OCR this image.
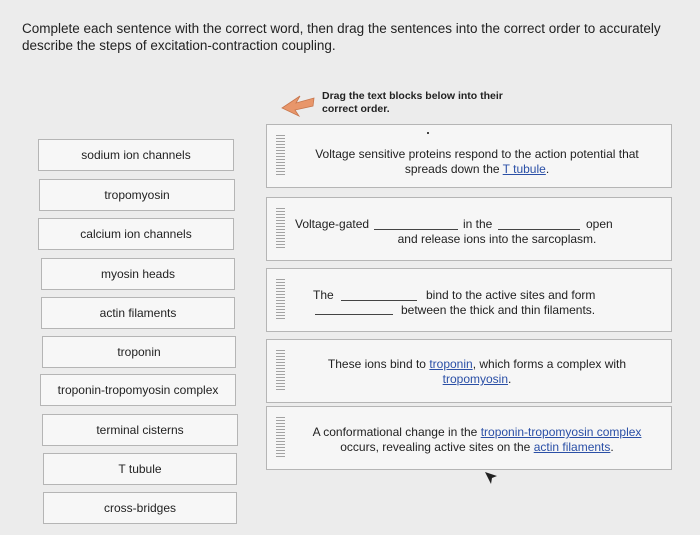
Complete each sentence with the correct word, then drag the sentences into the correct order to accurately describe the steps of excitation-contraction coupling.
Drag the text blocks below into their
correct order.
sodium ion channels
tropomyosin
calcium ion channels
myosin heads
actin filaments
troponin
troponin-tropomyosin complex
terminal cisterns
T tubule
cross-bridges
Voltage sensitive proteins respond to the action potential that
spreads down the T tubule.
Voltage-gated	in the	open
and release ions into the sarcoplasm.
The	bind to the active sites and form
between the thick and thin filaments.
These ions bind to troponin, which forms a complex with
tropomyosin.
A conformational change in the troponin-tropomyosin complex
occurs, revealing active sites on the actin filaments.
